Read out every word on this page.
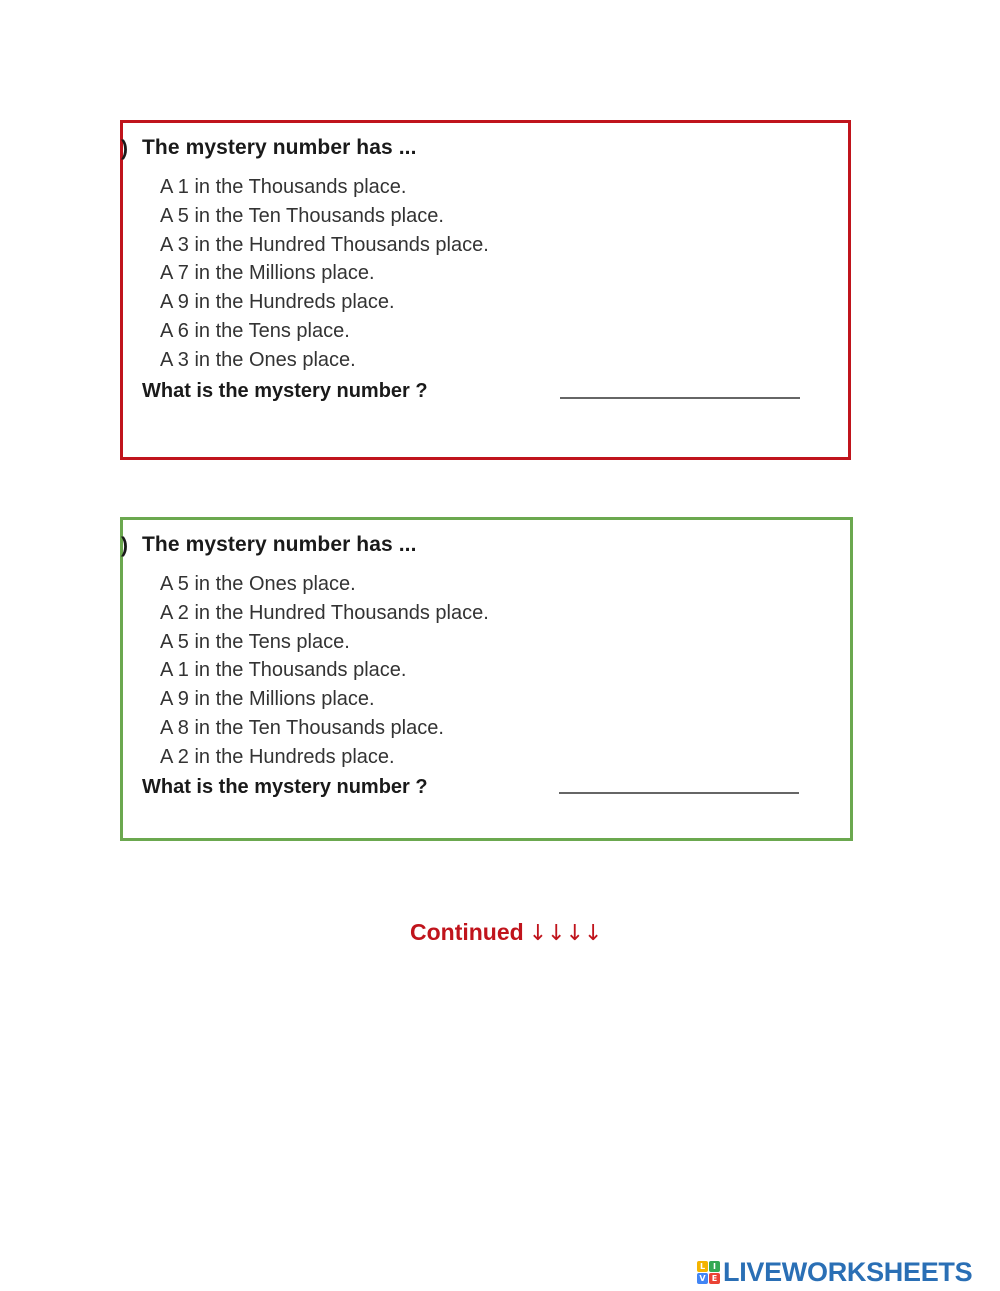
) The mystery number has ...
A 1 in the Thousands place.
A 5 in the Ten Thousands place.
A 3 in the Hundred Thousands place.
A 7 in the Millions place.
A 9 in the Hundreds place.
A 6 in the Tens place.
A 3 in the Ones place.
What is the mystery number ?
) The mystery number has ...
A 5 in the Ones place.
A 2 in the Hundred Thousands place.
A 5 in the Tens place.
A 1 in the Thousands place.
A 9 in the Millions place.
A 8 in the Ten Thousands place.
A 2 in the Hundreds place.
What is the mystery number ?
Continued ↓↓↓↓
L I
V E LIVEWORKSHEETS
